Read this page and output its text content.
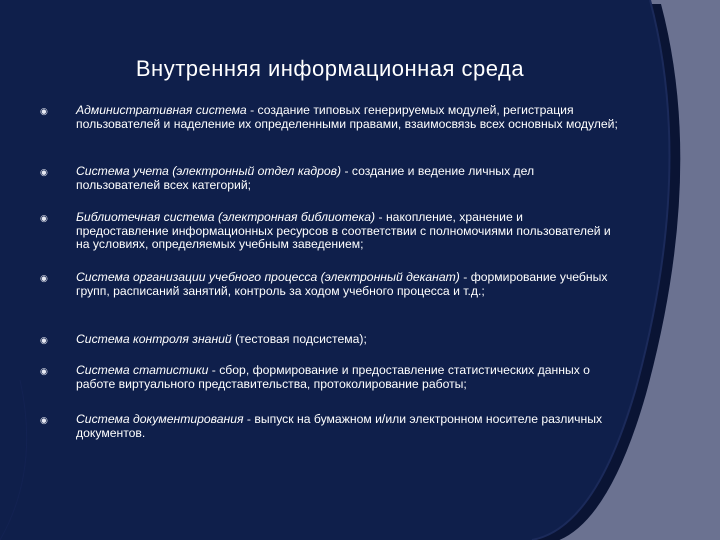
Внутренняя информационная среда
◉	Административная система - создание типовых генерируемых модулей, регистрация пользователей и наделение их определенными правами, взаимосвязь всех основных модулей;
◉	Система учета (электронный отдел кадров) - создание и ведение личных дел пользователей всех категорий;
◉	Библиотечная система (электронная библиотека) - накопление, хранение и предоставление информационных ресурсов в соответствии с полномочиями пользователей и на условиях, определяемых учебным заведением;
◉	Система организации учебного процесса (электронный деканат) - формирование учебных групп, расписаний занятий, контроль за ходом учебного процесса и т.д.;
◉	Система контроля знаний (тестовая подсистема);
◉	Система статистики - сбор, формирование и предоставление статистических данных о работе виртуального представительства, протоколирование работы;
◉	Система документирования - выпуск на бумажном и/или электронном носителе различных документов.
